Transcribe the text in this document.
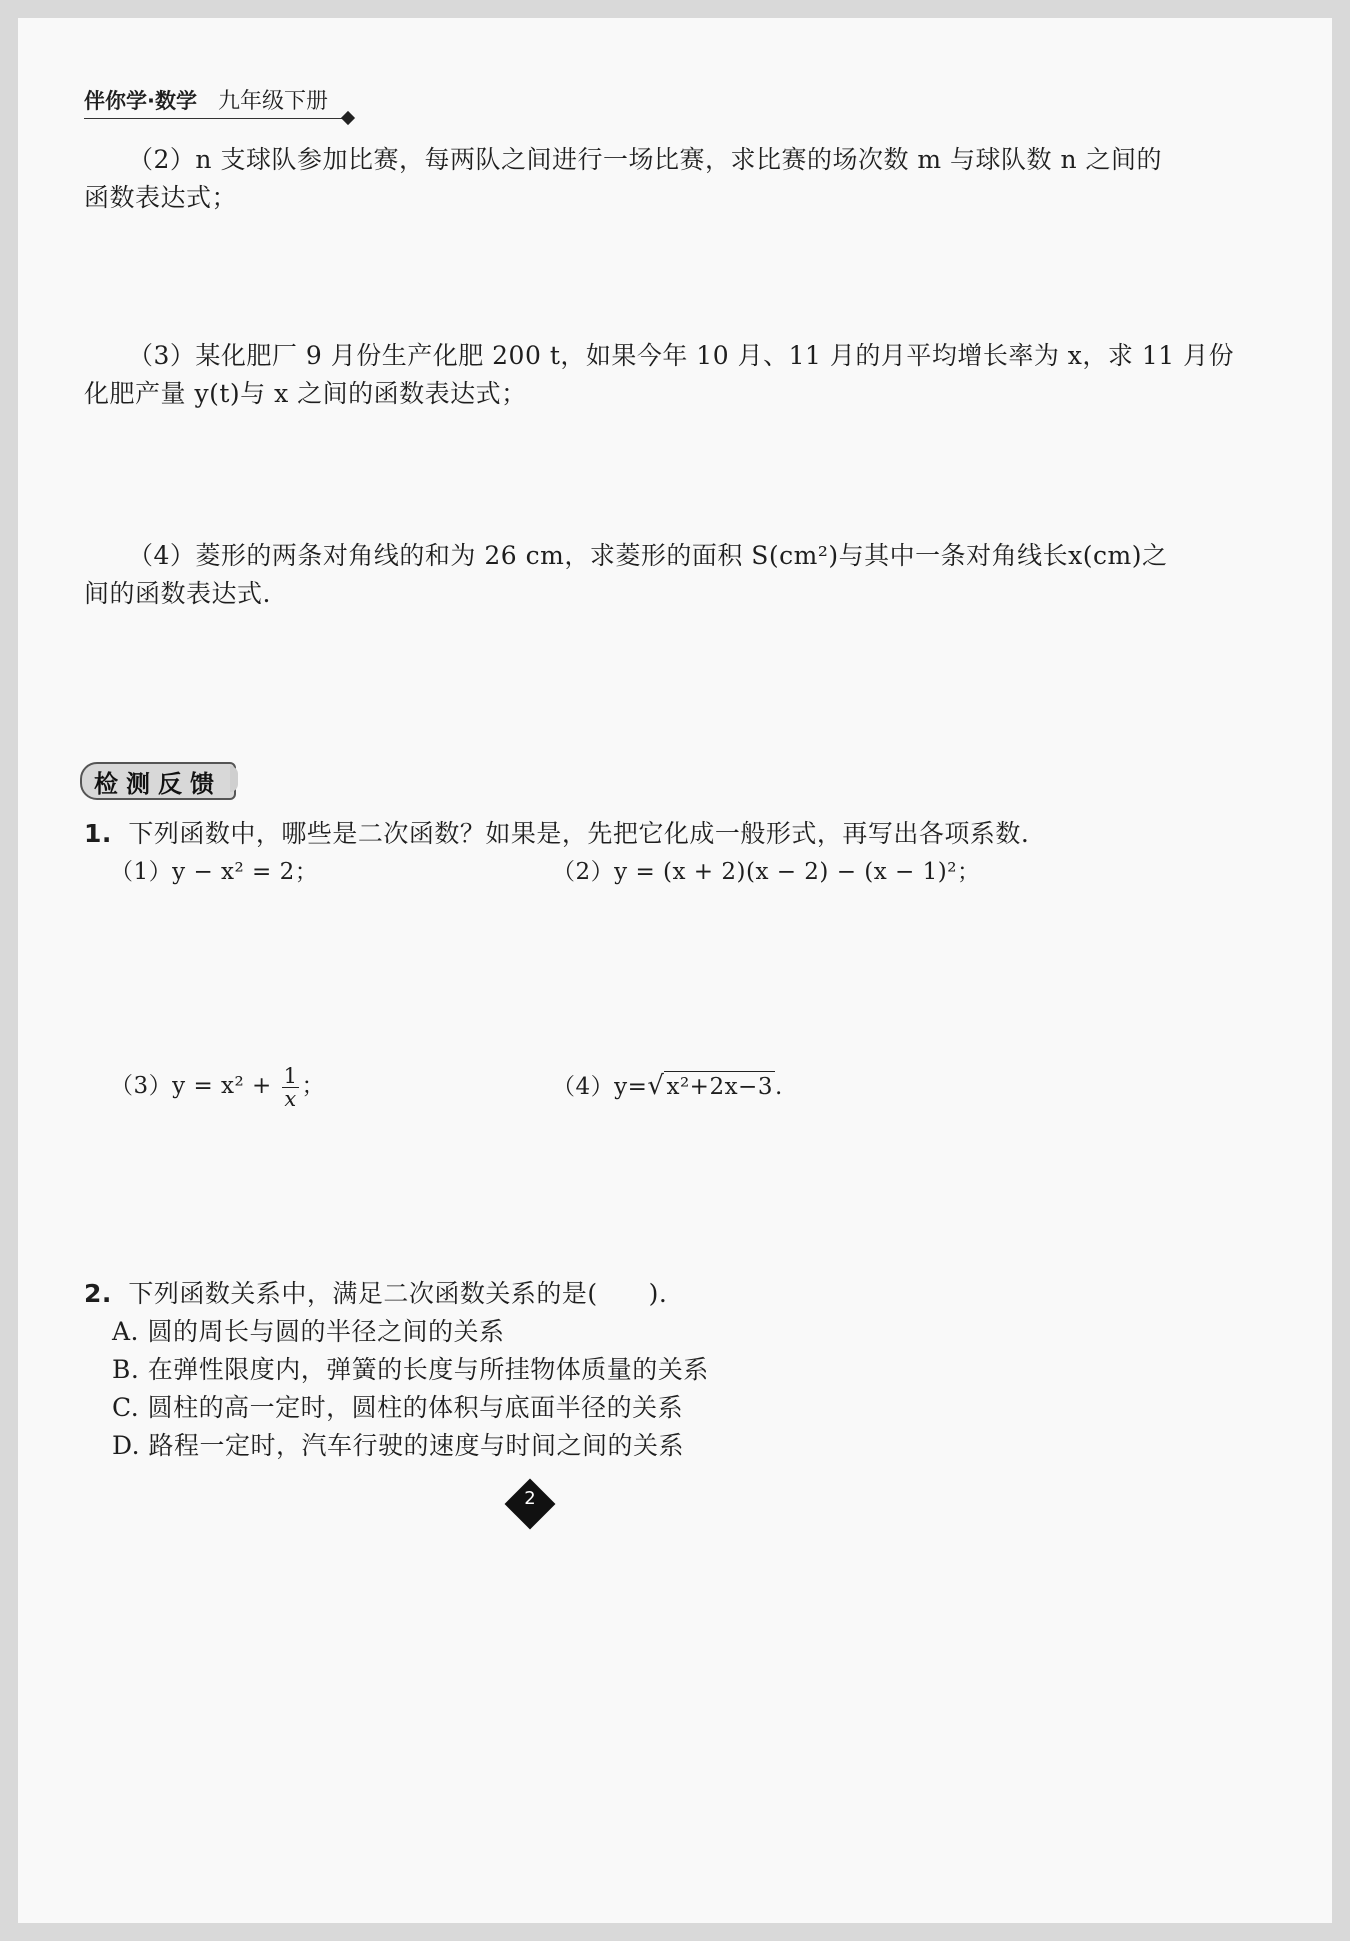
伴你学·数学 九年级下册
（2）n 支球队参加比赛，每两队之间进行一场比赛，求比赛的场次数 m 与球队数 n 之间的
函数表达式；
（3）某化肥厂 9 月份生产化肥 200 t，如果今年 10 月、11 月的月平均增长率为 x，求 11 月份
化肥产量 y(t)与 x 之间的函数表达式；
（4）菱形的两条对角线的和为 26 cm，求菱形的面积 S(cm²)与其中一条对角线长x(cm)之
间的函数表达式.
检测反馈
1. 下列函数中，哪些是二次函数？如果是，先把它化成一般形式，再写出各项系数.
（1）y − x² = 2；	（2）y = (x + 2)(x − 2) − (x − 1)²；
$(3)y = x^2 + \frac{1}{x}$ ；	（4）y=√x²+2x−3.
2. 下列函数关系中，满足二次函数关系的是(　　).
A. 圆的周长与圆的半径之间的关系
B. 在弹性限度内，弹簧的长度与所挂物体质量的关系
C. 圆柱的高一定时，圆柱的体积与底面半径的关系
D. 路程一定时，汽车行驶的速度与时间之间的关系
2
